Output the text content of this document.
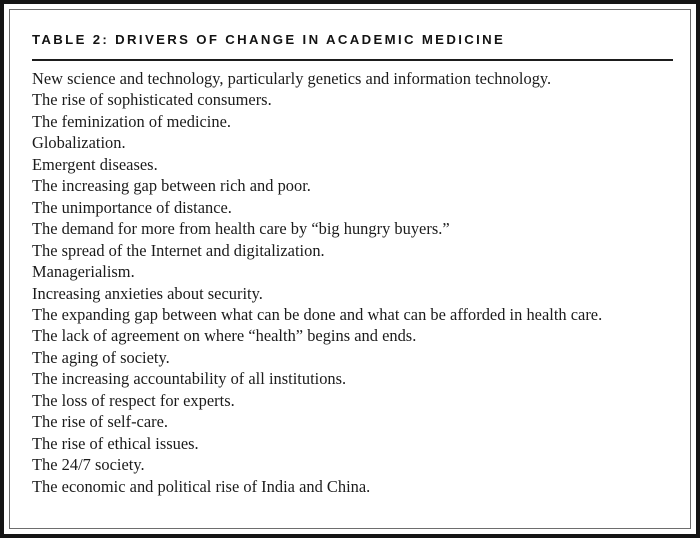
TABLE 2: DRIVERS OF CHANGE IN ACADEMIC MEDICINE
New science and technology, particularly genetics and information technology.
The rise of sophisticated consumers.
The feminization of medicine.
Globalization.
Emergent diseases.
The increasing gap between rich and poor.
The unimportance of distance.
The demand for more from health care by “big hungry buyers.”
The spread of the Internet and digitalization.
Managerialism.
Increasing anxieties about security.
The expanding gap between what can be done and what can be afforded in health care.
The lack of agreement on where “health” begins and ends.
The aging of society.
The increasing accountability of all institutions.
The loss of respect for experts.
The rise of self-care.
The rise of ethical issues.
The 24/7 society.
The economic and political rise of India and China.
